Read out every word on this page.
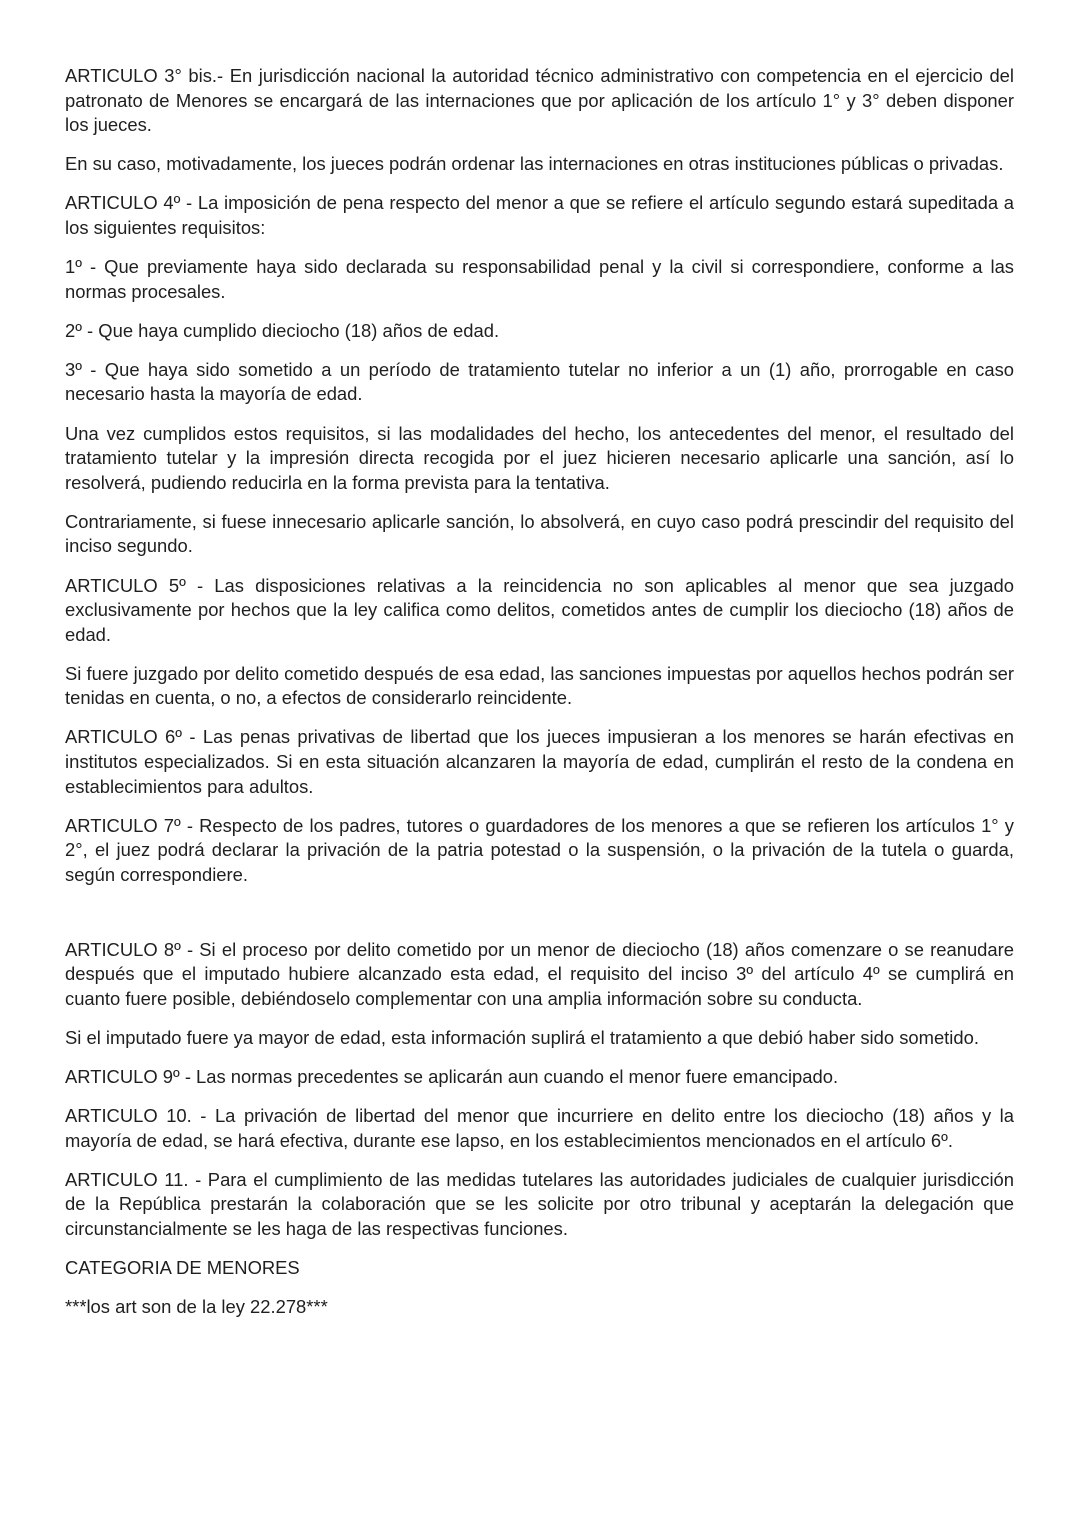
ARTICULO 3° bis.- En jurisdicción nacional la autoridad técnico administrativo con competencia en el ejercicio del patronato de Menores se encargará de las internaciones que por aplicación de los artículo 1° y 3° deben disponer los jueces.

En su caso, motivadamente, los jueces podrán ordenar las internaciones en otras instituciones públicas o privadas.

ARTICULO 4º - La imposición de pena respecto del menor a que se refiere el artículo segundo estará supeditada a los siguientes requisitos:

1º - Que previamente haya sido declarada su responsabilidad penal y la civil si correspondiere, conforme a las normas procesales.

2º - Que haya cumplido dieciocho (18) años de edad.

3º - Que haya sido sometido a un período de tratamiento tutelar no inferior a un (1) año, prorrogable en caso necesario hasta la mayoría de edad.

Una vez cumplidos estos requisitos, si las modalidades del hecho, los antecedentes del menor, el resultado del tratamiento tutelar y la impresión directa recogida por el juez hicieren necesario aplicarle una sanción, así lo resolverá, pudiendo reducirla en la forma prevista para la tentativa.

Contrariamente, si fuese innecesario aplicarle sanción, lo absolverá, en cuyo caso podrá prescindir del requisito del inciso segundo.

ARTICULO 5º - Las disposiciones relativas a la reincidencia no son aplicables al menor que sea juzgado exclusivamente por hechos que la ley califica como delitos, cometidos antes de cumplir los dieciocho (18) años de edad.

Si fuere juzgado por delito cometido después de esa edad, las sanciones impuestas por aquellos hechos podrán ser tenidas en cuenta, o no, a efectos de considerarlo reincidente.

ARTICULO 6º - Las penas privativas de libertad que los jueces impusieran a los menores se harán efectivas en institutos especializados. Si en esta situación alcanzaren la mayoría de edad, cumplirán el resto de la condena en establecimientos para adultos.

ARTICULO 7º - Respecto de los padres, tutores o guardadores de los menores a que se refieren los artículos 1° y 2°, el juez podrá declarar la privación de la patria potestad o la suspensión, o la privación de la tutela o guarda, según correspondiere.

ARTICULO 8º - Si el proceso por delito cometido por un menor de dieciocho (18) años comenzare o se reanudare después que el imputado hubiere alcanzado esta edad, el requisito del inciso 3º del artículo 4º se cumplirá en cuanto fuere posible, debiéndoselo complementar con una amplia información sobre su conducta.

Si el imputado fuere ya mayor de edad, esta información suplirá el tratamiento a que debió haber sido sometido.

ARTICULO 9º - Las normas precedentes se aplicarán aun cuando el menor fuere emancipado.

ARTICULO 10. - La privación de libertad del menor que incurriere en delito entre los dieciocho (18) años y la mayoría de edad, se hará efectiva, durante ese lapso, en los establecimientos mencionados en el artículo 6º.

ARTICULO 11. - Para el cumplimiento de las medidas tutelares las autoridades judiciales de cualquier jurisdicción de la República prestarán la colaboración que se les solicite por otro tribunal y aceptarán la delegación que circunstancialmente se les haga de las respectivas funciones.

CATEGORIA DE MENORES

***los art son de la ley 22.278***
